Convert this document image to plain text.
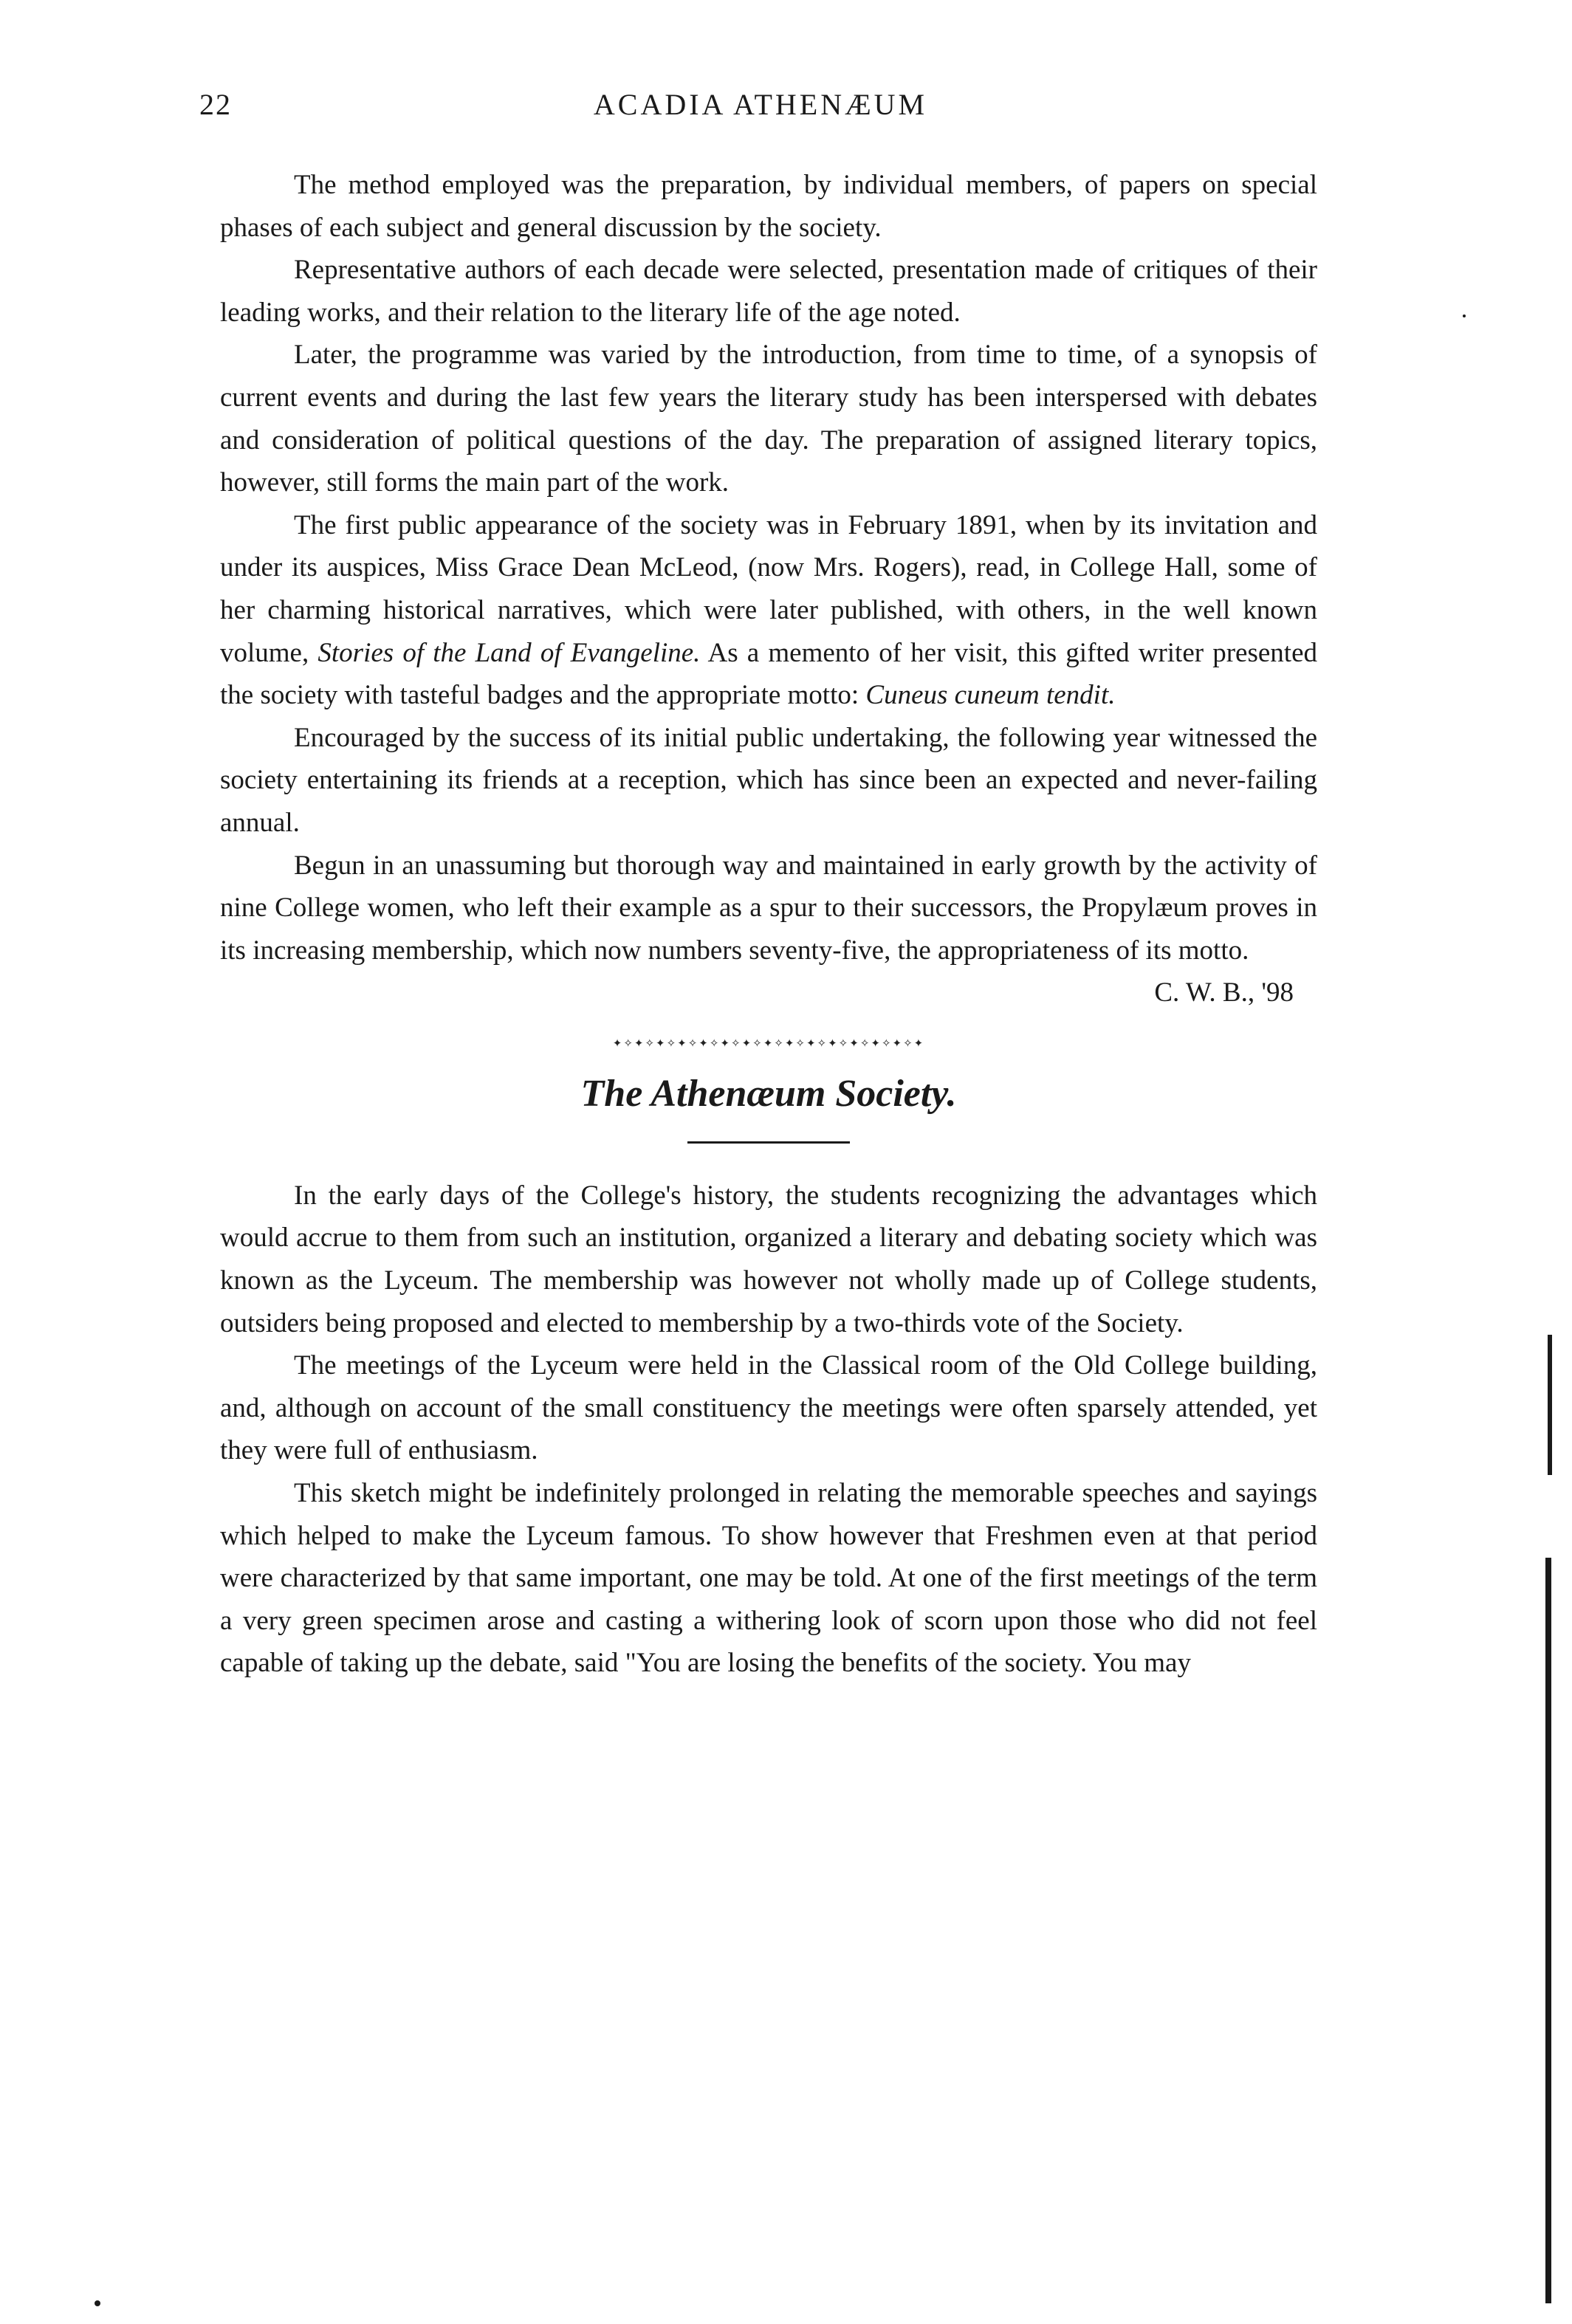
22	ACADIA ATHENÆUM

The method employed was the preparation, by individual members, of papers on special phases of each subject and general discussion by the society.

Representative authors of each decade were selected, presentation made of critiques of their leading works, and their relation to the literary life of the age noted.

Later, the programme was varied by the introduction, from time to time, of a synopsis of current events and during the last few years the literary study has been interspersed with debates and consideration of political questions of the day. The preparation of assigned literary topics, however, still forms the main part of the work.

The first public appearance of the society was in February 1891, when by its invitation and under its auspices, Miss Grace Dean McLeod, (now Mrs. Rogers), read, in College Hall, some of her charming historical narratives, which were later published, with others, in the well known volume, Stories of the Land of Evangeline. As a memento of her visit, this gifted writer presented the society with tasteful badges and the appropriate motto: Cuneus cuneum tendit.

Encouraged by the success of its initial public undertaking, the following year witnessed the society entertaining its friends at a reception, which has since been an expected and never-failing annual.

Begun in an unassuming but thorough way and maintained in early growth by the activity of nine College women, who left their example as a spur to their successors, the Propylæum proves in its increasing membership, which now numbers seventy-five, the appropriateness of its motto.

C. W. B., '98

✦✧✦✧✦✧✦✧✦✧✦✧✦✧✦✧✦✧✦✧✦✧✦✧✦✧✦✧✦
The Athenæum Society.

In the early days of the College's history, the students recognizing the advantages which would accrue to them from such an institution, organized a literary and debating society which was known as the Lyceum. The membership was however not wholly made up of College students, outsiders being proposed and elected to membership by a two-thirds vote of the Society.

The meetings of the Lyceum were held in the Classical room of the Old College building, and, although on account of the small constituency the meetings were often sparsely attended, yet they were full of enthusiasm.

This sketch might be indefinitely prolonged in relating the memorable speeches and sayings which helped to make the Lyceum famous. To show however that Freshmen even at that period were characterized by that same important, one may be told. At one of the first meetings of the term a very green specimen arose and casting a withering look of scorn upon those who did not feel capable of taking up the debate, said "You are losing the benefits of the society. You may
